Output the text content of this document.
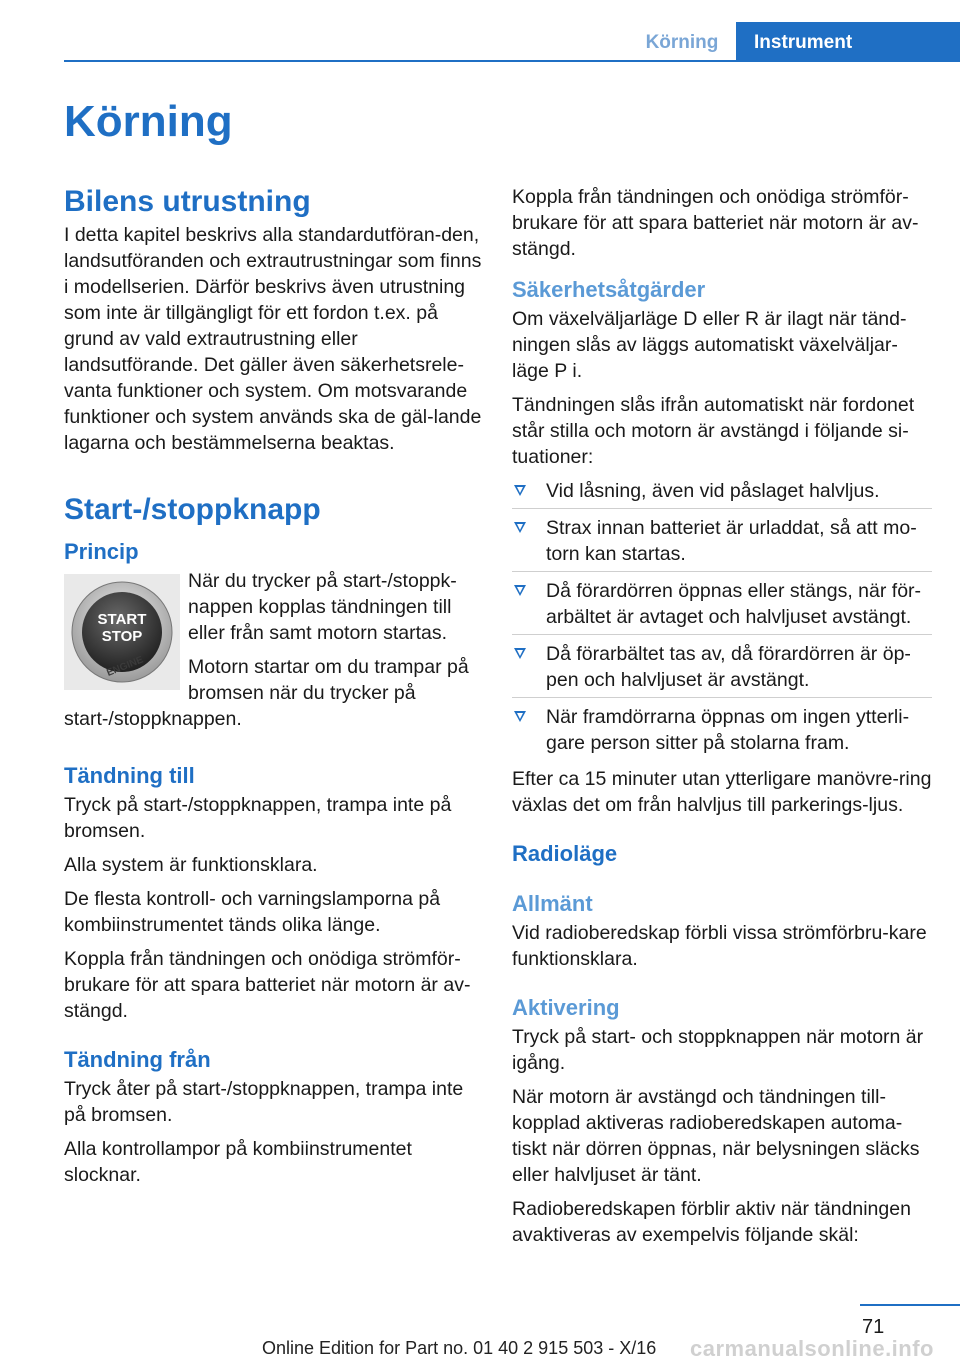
Körning	Instrument
Körning
Bilens utrustning

I detta kapitel beskrivs alla standardutföran-den, landsutföranden och extrautrustningar som finns i modellserien. Därför beskrivs även utrustning som inte är tillgängligt för ett fordon t.ex. på grund av vald extrautrustning eller landsutförande. Det gäller även säkerhetsrele-vanta funktioner och system. Om motsvarande funktioner och system används ska de gäl-lande lagarna och bestämmelserna beaktas.

Start-/stoppknapp
Princip
START
STOP
ENGINE

När du trycker på start-/stoppk-nappen kopplas tändningen till eller från samt motorn startas.

Motorn startar om du trampar på bromsen när du trycker på start-/stoppknappen.

Tändning till

Tryck på start-/stoppknappen, trampa inte på bromsen.

Alla system är funktionsklara.

De flesta kontroll- och varningslamporna på kombiinstrumentet tänds olika länge.

Koppla från tändningen och onödiga strömför-brukare för att spara batteriet när motorn är av-stängd.

Tändning från

Tryck åter på start-/stoppknappen, trampa inte på bromsen.

Alla kontrollampor på kombiinstrumentet slocknar.

Koppla från tändningen och onödiga strömför-brukare för att spara batteriet när motorn är av-stängd.

Säkerhetsåtgärder

Om växelväljarläge D eller R är ilagt när tänd-ningen slås av läggs automatiskt växelväljar-läge P i.

Tändningen slås ifrån automatiskt när fordonet står stilla och motorn är avstängd i följande si-tuationer:

Vid låsning, även vid påslaget halvljus.
Strax innan batteriet är urladdat, så att mo-torn kan startas.
Då förardörren öppnas eller stängs, när för-arbältet är avtaget och halvljuset avstängt.
Då förarbältet tas av, då förardörren är öp-pen och halvljuset är avstängt.
När framdörrarna öppnas om ingen ytterli-gare person sitter på stolarna fram.

Efter ca 15 minuter utan ytterligare manövre-ring växlas det om från halvljus till parkerings-ljus.

Radioläge
Allmänt

Vid radioberedskap förbli vissa strömförbru-kare funktionsklara.

Aktivering

Tryck på start- och stoppknappen när motorn är igång.

När motorn är avstängd och tändningen till-kopplad aktiveras radioberedskapen automa-tiskt när dörren öppnas, när belysningen släcks eller halvljuset är tänt.

Radioberedskapen förblir aktiv när tändningen avaktiveras av exempelvis följande skäl:

71
carmanualsonline.info
Online Edition for Part no. 01 40 2 915 503 - X/16
